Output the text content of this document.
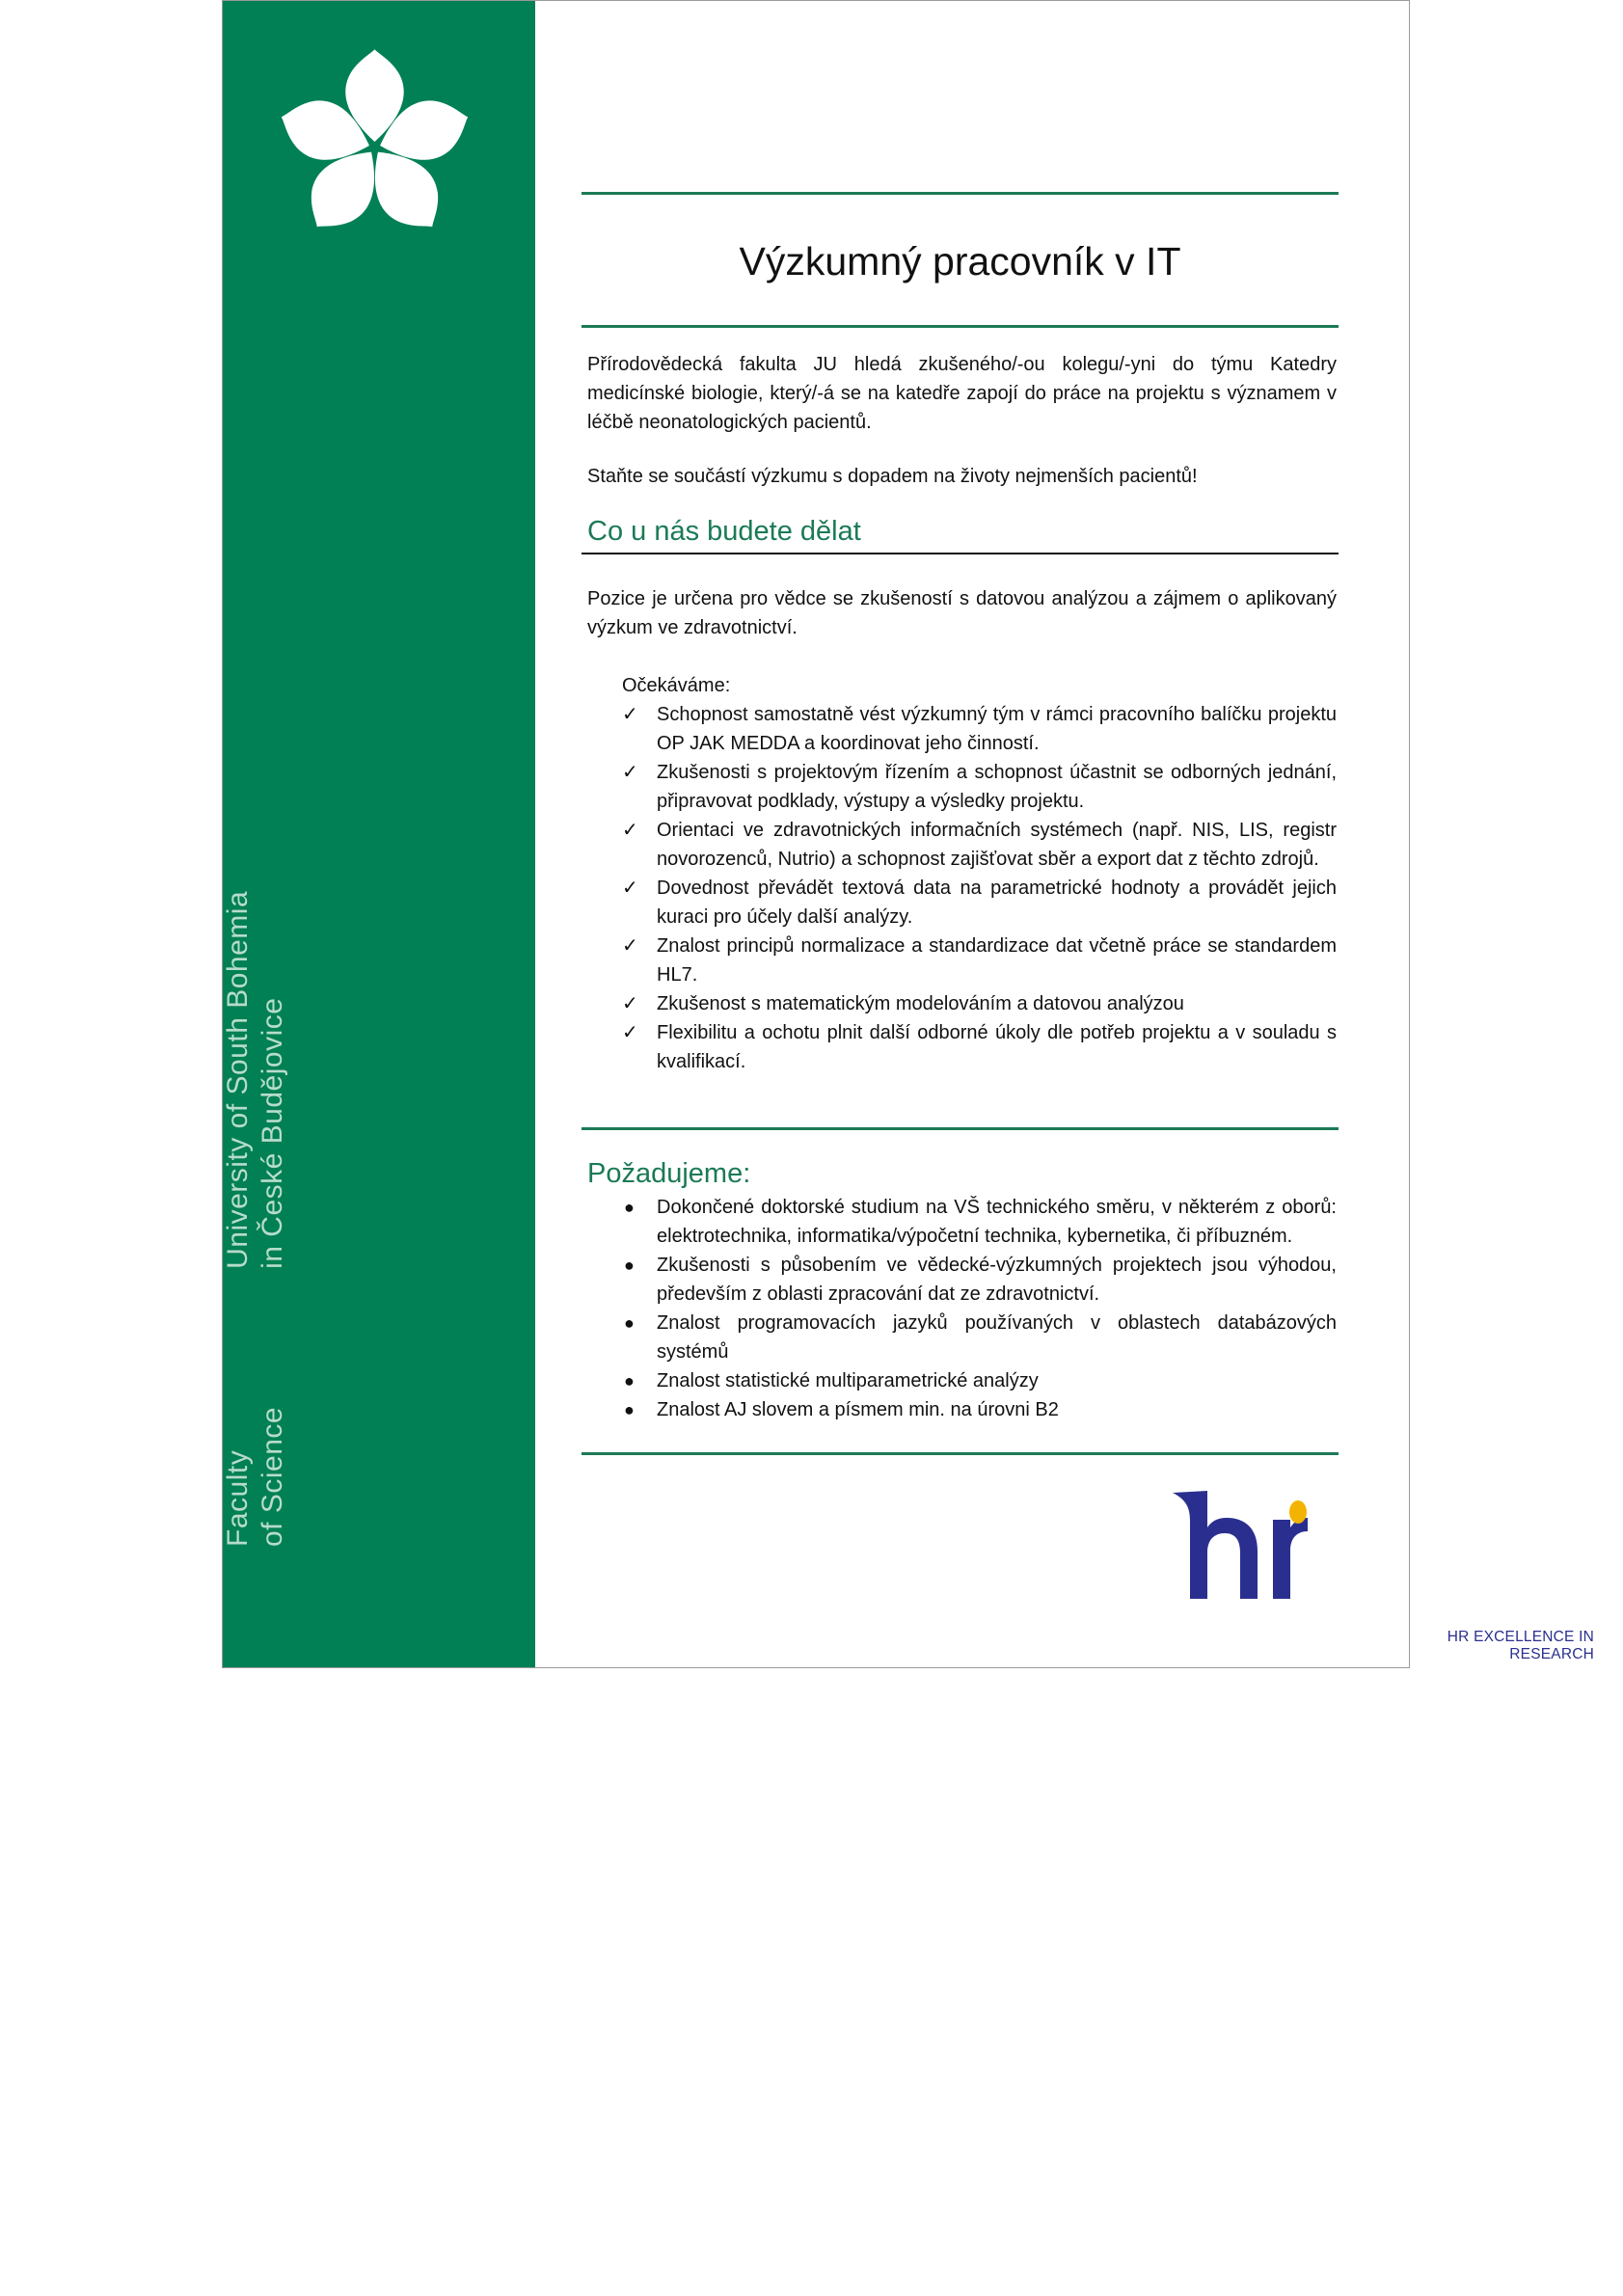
Přírodovědecká fakulta Faculty of Science
Jihočeská univerzita v Českých Budějovicích University of South Bohemia in České Budějovice
Výzkumný pracovník v IT
Přírodovědecká fakulta JU hledá zkušeného/-ou kolegu/-yni do týmu Katedry medicínské biologie, který/-á se na katedře zapojí do práce na projektu s významem v léčbě neonatologických pacientů.
Staňte se součástí výzkumu s dopadem na životy nejmenších pacientů!
Co u nás budete dělat
Pozice je určena pro vědce se zkušeností s datovou analýzou a zájmem o aplikovaný výzkum ve zdravotnictví.
Očekáváme:
✓ Schopnost samostatně vést výzkumný tým v rámci pracovního balíčku projektu OP JAK MEDDA a koordinovat jeho činností.
✓ Zkušenosti s projektovým řízením a schopnost účastnit se odborných jednání, připravovat podklady, výstupy a výsledky projektu.
✓ Orientaci ve zdravotnických informačních systémech (např. NIS, LIS, registr novorozenců, Nutrio) a schopnost zajišťovat sběr a export dat z těchto zdrojů.
✓ Dovednost převádět textová data na parametrické hodnoty a provádět jejich kuraci pro účely další analýzy.
✓ Znalost principů normalizace a standardizace dat včetně práce se standardem HL7.
✓ Zkušenost s matematickým modelováním a datovou analýzou
✓ Flexibilitu a ochotu plnit další odborné úkoly dle potřeb projektu a v souladu s kvalifikací.
Požadujeme:
● Dokončené doktorské studium na VŠ technického směru, v některém z oborů: elektrotechnika, informatika/výpočetní technika, kybernetika, či příbuzném.
● Zkušenosti s působením ve vědecké-výzkumných projektech jsou výhodou, především z oblasti zpracování dat ze zdravotnictví.
● Znalost programovacích jazyků používaných v oblastech databázových systémů
● Znalost statistické multiparametrické analýzy
● Znalost AJ slovem a písmem min. na úrovni B2
HR EXCELLENCE IN RESEARCH
